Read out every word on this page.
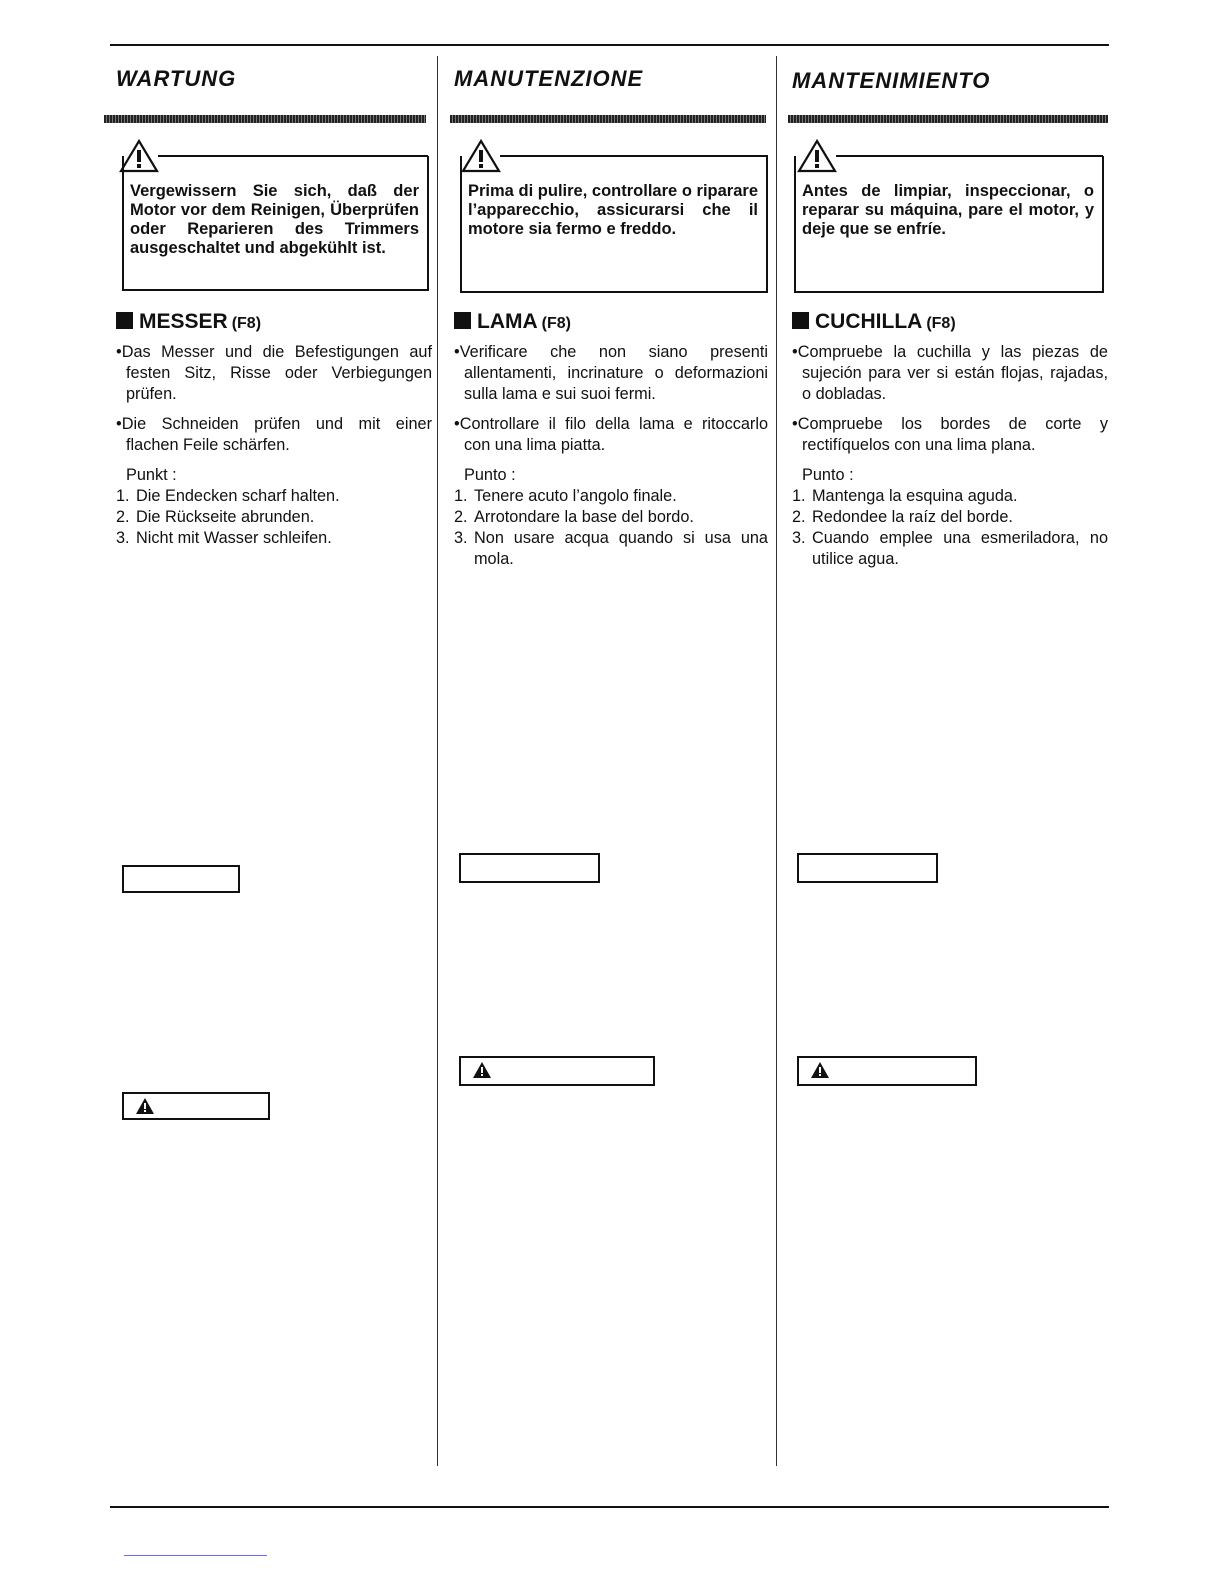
WARTUNG
Vergewissern Sie sich, daß der Motor vor dem Reinigen, Überprüfen oder Reparieren des Trimmers ausgeschaltet und abgekühlt ist.
MESSER (F8)

•Das Messer und die Befestigungen auf festen Sitz, Risse oder Verbiegungen prüfen.

•Die Schneiden prüfen und mit einer flachen Feile schärfen.

Punkt :

1. Die Endecken scharf halten.
2. Die Rückseite abrunden.
3. Nicht mit Wasser schleifen.
MANUTENZIONE
Prima di pulire, controllare o riparare l’apparecchio, assicurarsi che il motore sia fermo e freddo.
LAMA (F8)

•Verificare che non siano presenti allentamenti, incrinature o deformazioni sulla lama e sui suoi fermi.

•Controllare il filo della lama e ritoccarlo con una lima piatta.

Punto :

1. Tenere acuto l’angolo finale.
2. Arrotondare la base del bordo.
3. Non usare acqua quando si usa una mola.
MANTENIMIENTO
Antes de limpiar, inspeccionar, o reparar su máquina, pare el motor, y deje que se enfríe.
CUCHILLA (F8)

•Compruebe la cuchilla y las piezas de sujeción para ver si están flojas, rajadas, o dobladas.

•Compruebe los bordes de corte y rectifíquelos con una lima plana.

Punto :

1. Mantenga la esquina aguda.
2. Redondee la raíz del borde.
3. Cuando emplee una esmeriladora, no utilice agua.
